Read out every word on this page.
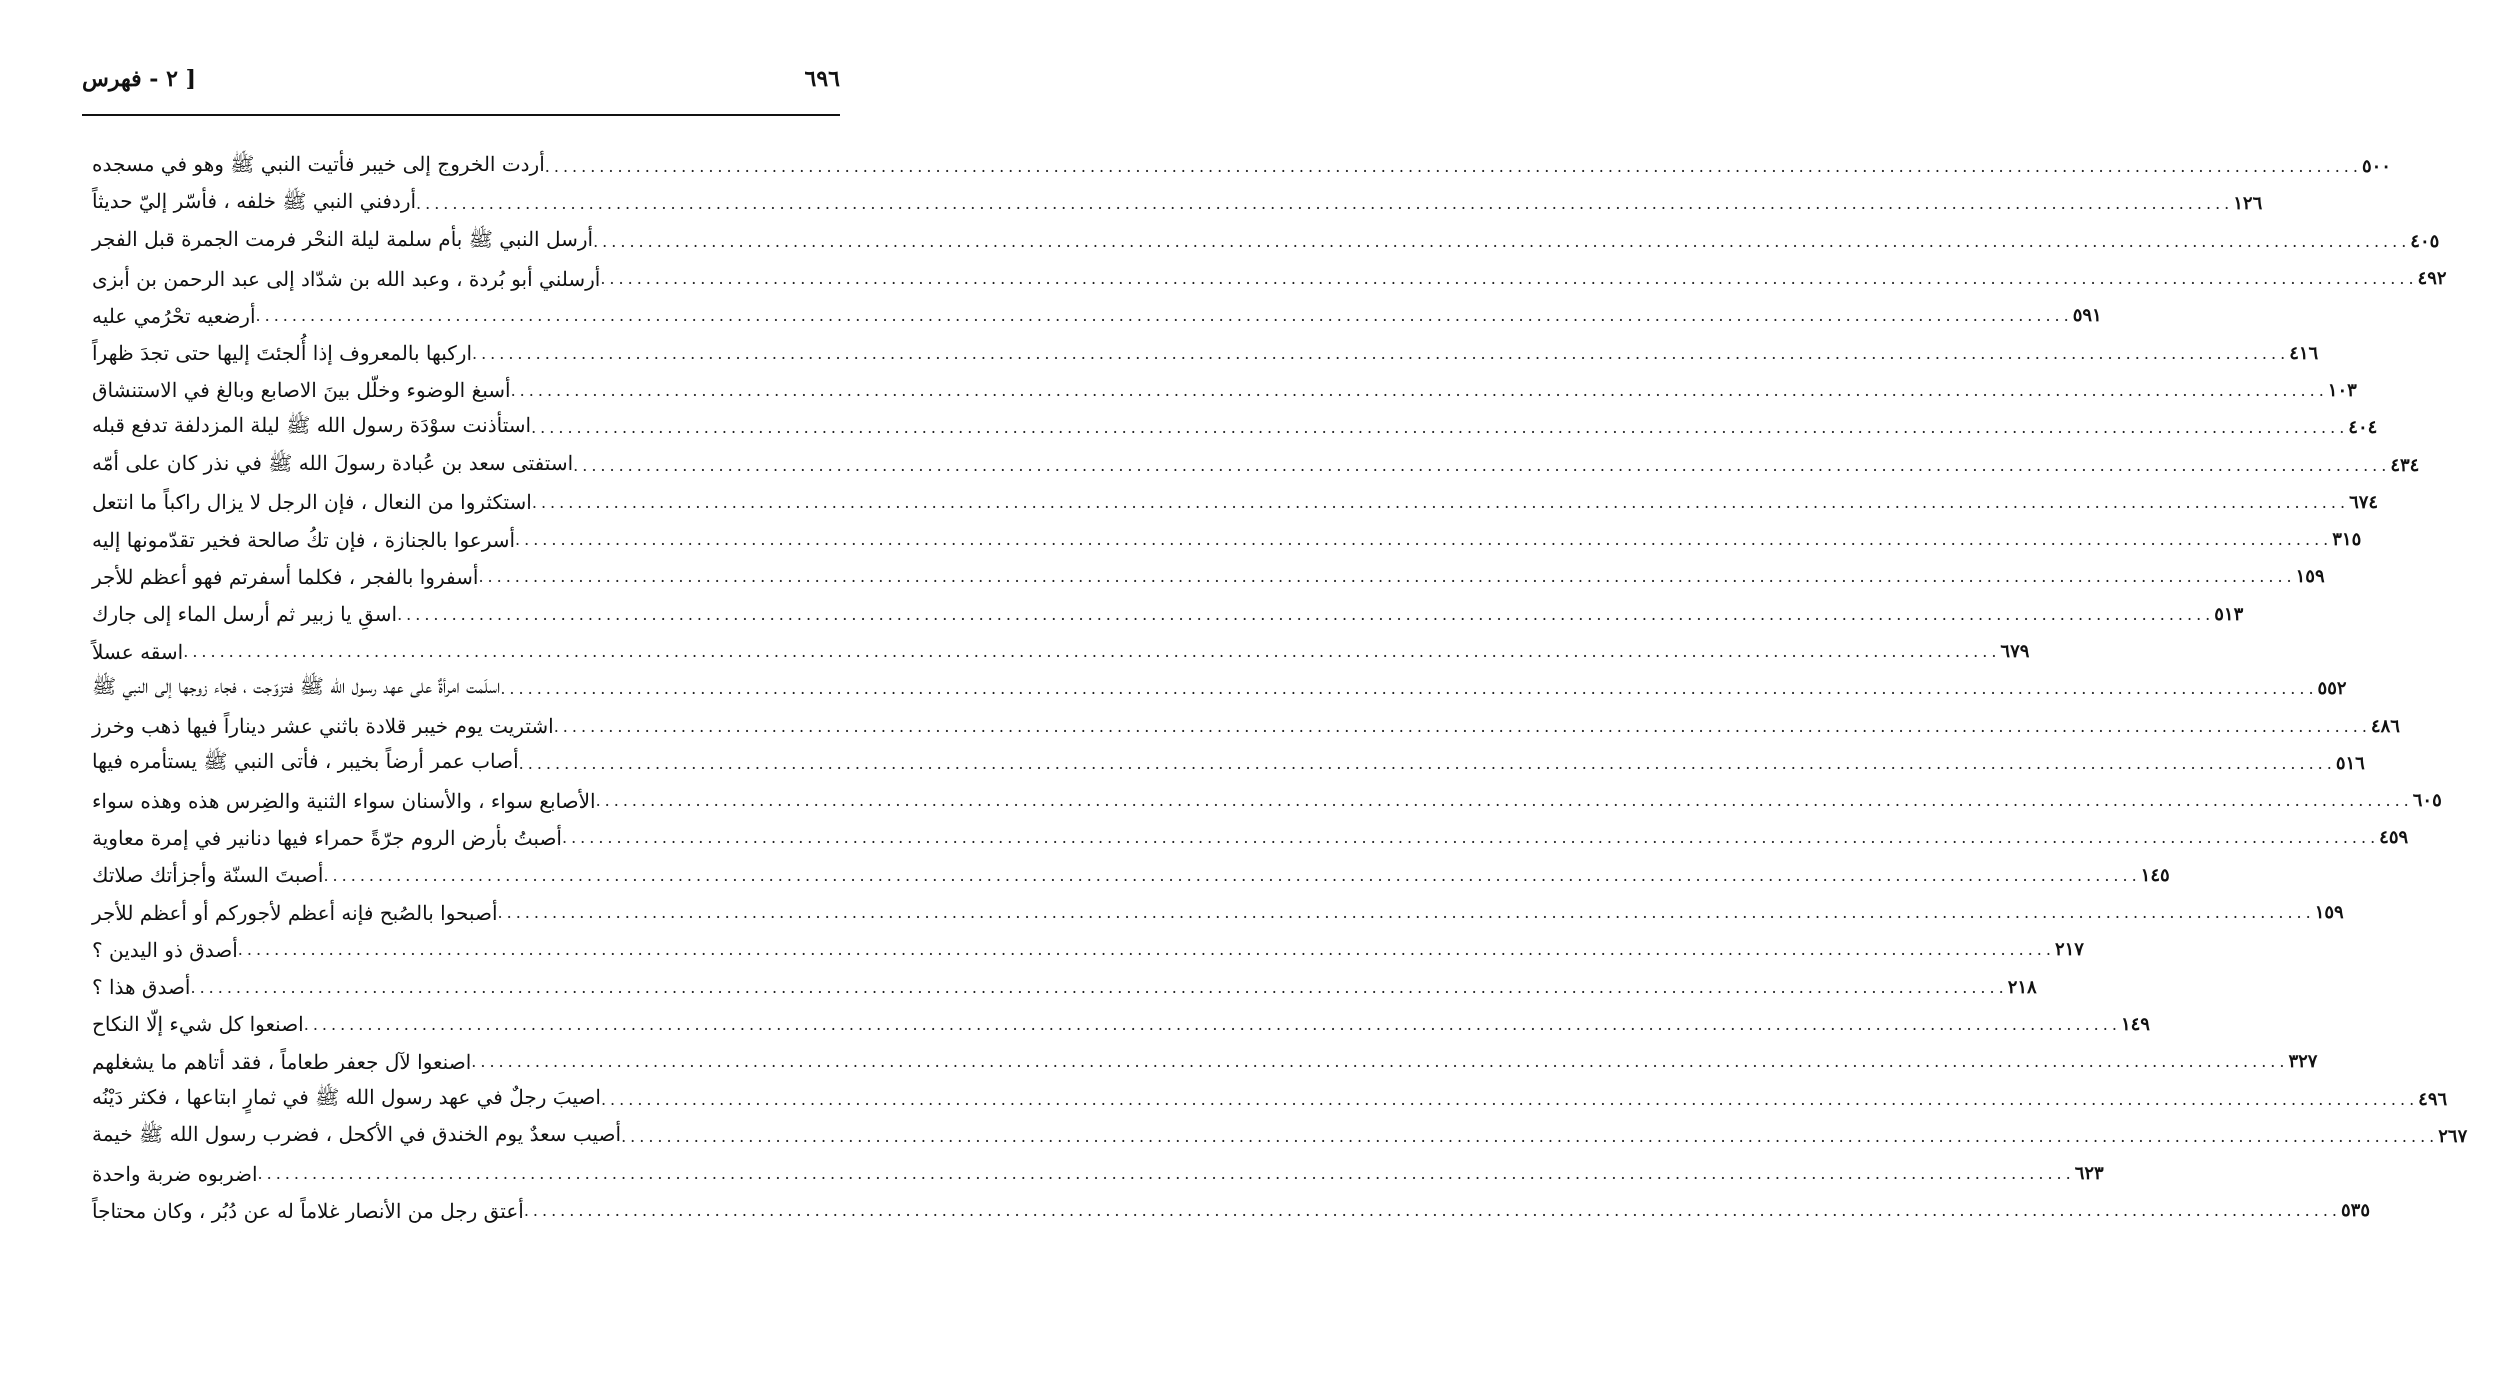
٦٩٦
[ ٢ - فهرس
أردت الخروج إلى خيبر فأتيت النبي ﷺ وهو في مسجده ........................................................................................................................................................................................................ ٥٠٠
أردفني النبي ﷺ خلفه ، فأسّر إليّ حديثاً ........................................................................................................................................................................................................ ١٢٦
أرسل النبي ﷺ بأم سلمة ليلة النحْر فرمت الجمرة قبل الفجر ........................................................................................................................................................................................................ ٤٠٥
أرسلني أبو بُردة ، وعبد الله بن شدّاد إلى عبد الرحمن بن أبزى ........................................................................................................................................................................................................ ٤٩٢
أرضعيه تحْرُمي عليه ........................................................................................................................................................................................................ ٥٩١
اركبها بالمعروف إذا أُلجئتَ إليها حتى تجدَ ظهراً ........................................................................................................................................................................................................ ٤١٦
أسبغ الوضوء وخلّل بينَ الاصابع وبالغ في الاستنشاق ........................................................................................................................................................................................................ ١٠٣
استأذنت سوْدَة رسول الله ﷺ ليلة المزدلفة تدفع قبله ........................................................................................................................................................................................................ ٤٠٤
استفتى سعد بن عُبادة رسولَ الله ﷺ في نذر كان على أمّه ........................................................................................................................................................................................................ ٤٣٤
استكثروا من النعال ، فإن الرجل لا يزال راكباً ما انتعل ........................................................................................................................................................................................................ ٦٧٤
أسرعوا بالجنازة ، فإن تكُ صالحة فخير تقدّمونها إليه ........................................................................................................................................................................................................ ٣١٥
أسفروا بالفجر ، فكلما أسفرتم فهو أعظم للأجر ........................................................................................................................................................................................................ ١٥٩
اسقِ يا زبير ثم أرسل الماء إلى جارك ........................................................................................................................................................................................................ ٥١٣
اسقه عسلاً ........................................................................................................................................................................................................ ٦٧٩
اسلَمت امرأةٌ على عهد رسول الله ﷺ فتزوّجت ، فجاء زوجها إلى النبي ﷺ ........................................................................................................................................................................................................ ٥٥٢
اشتريت يوم خيبر قلادة باثني عشر ديناراً فيها ذهب وخرز ........................................................................................................................................................................................................ ٤٨٦
أصاب عمر أرضاً بخيبر ، فأتى النبي ﷺ يستأمره فيها ........................................................................................................................................................................................................ ٥١٦
الأصابع سواء ، والأسنان سواء الثنية والضِرس هذه وهذه سواء ........................................................................................................................................................................................................ ٦٠٥
أصبتُ بأرض الروم جرّةً حمراء فيها دنانير في إمرة معاوية ........................................................................................................................................................................................................ ٤٥٩
أصبتَ السنّة وأجزأتك صلاتك ........................................................................................................................................................................................................ ١٤٥
أصبحوا بالصُبح فإنه أعظم لأجوركم أو أعظم للأجر ........................................................................................................................................................................................................ ١٥٩
أصدق ذو اليدين ؟ ........................................................................................................................................................................................................ ٢١٧
أصدق هذا ؟ ........................................................................................................................................................................................................ ٢١٨
اصنعوا كل شيء إلّا النكاح ........................................................................................................................................................................................................ ١٤٩
اصنعوا لآل جعفر طعاماً ، فقد أتاهم ما يشغلهم ........................................................................................................................................................................................................ ٣٢٧
اصيبَ رجلٌ في عهد رسول الله ﷺ في ثمارٍ ابتاعها ، فكثر دَيْنُه ........................................................................................................................................................................................................ ٤٩٦
أصيب سعدٌ يوم الخندق في الأكحل ، فضرب رسول الله ﷺ خيمة ........................................................................................................................................................................................................ ٢٦٧
اضربوه ضربة واحدة ........................................................................................................................................................................................................ ٦٢٣
أعتق رجل من الأنصار غلاماً له عن دُبُر ، وكان محتاجاً ........................................................................................................................................................................................................ ٥٣٥
